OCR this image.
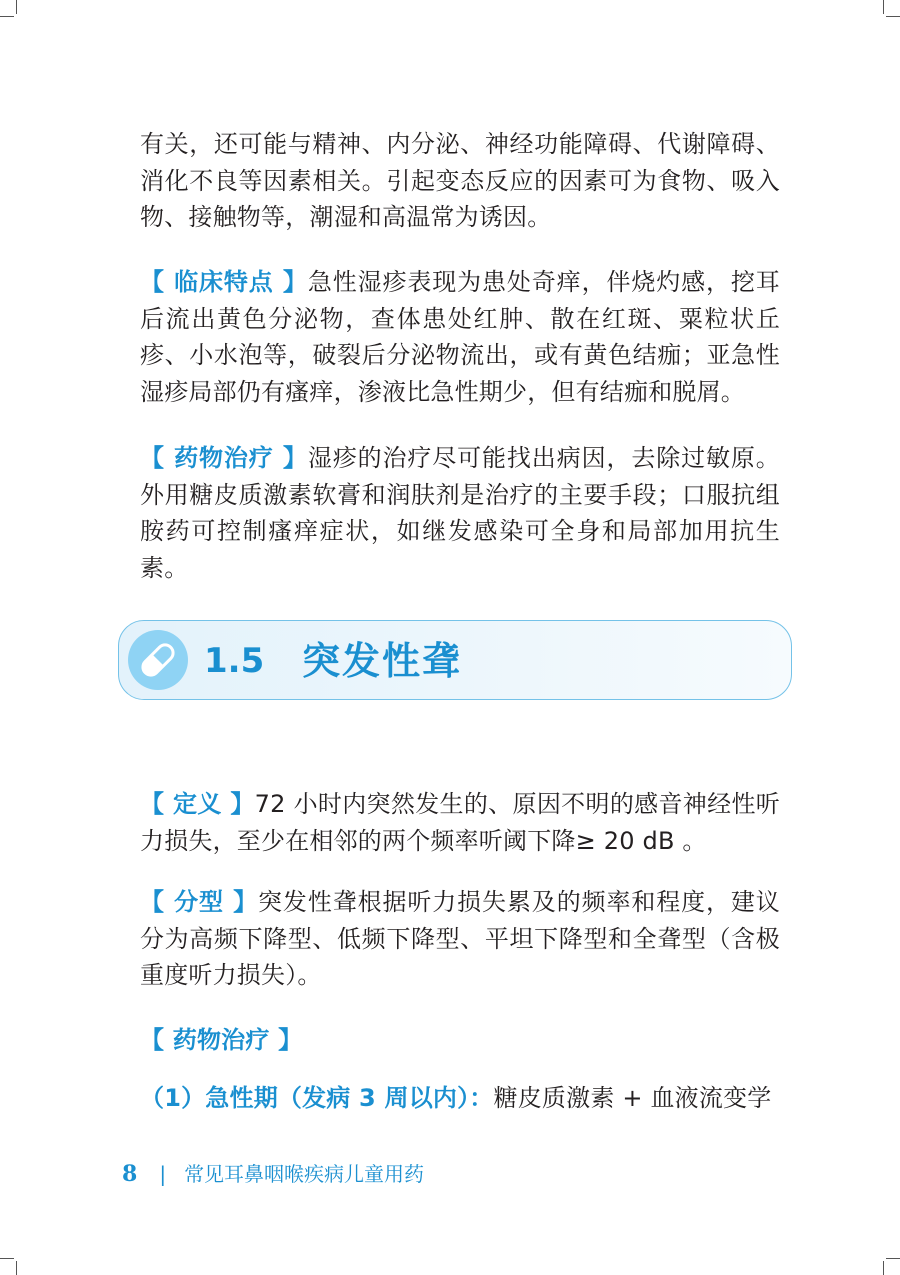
有关，还可能与精神、内分泌、神经功能障碍、代谢障碍、消化不良等因素相关。引起变态反应的因素可为食物、吸入物、接触物等，潮湿和高温常为诱因。

【 临床特点 】急性湿疹表现为患处奇痒，伴烧灼感，挖耳后流出黄色分泌物，查体患处红肿、散在红斑、粟粒状丘疹、小水泡等，破裂后分泌物流出，或有黄色结痂；亚急性湿疹局部仍有瘙痒，渗液比急性期少，但有结痂和脱屑。

【 药物治疗 】湿疹的治疗尽可能找出病因，去除过敏原。外用糖皮质激素软膏和润肤剂是治疗的主要手段；口服抗组胺药可控制瘙痒症状，如继发感染可全身和局部加用抗生素。

1.5 突发性聋

【 定义 】72 小时内突然发生的、原因不明的感音神经性听力损失，至少在相邻的两个频率听阈下降≥ 20 dB 。

【 分型 】突发性聋根据听力损失累及的频率和程度，建议分为高频下降型、低频下降型、平坦下降型和全聋型（含极重度听力损失）。

【 药物治疗 】

（1）急性期（发病 3 周以内）：糖皮质激素 + 血液流变学

8 | 常见耳鼻咽喉疾病儿童用药
